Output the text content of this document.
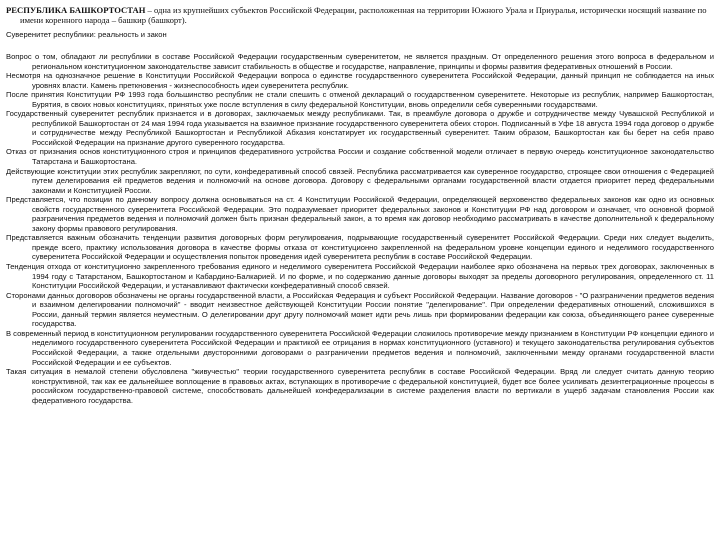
РЕСПУБЛИКА БАШКОРТОСТАН – одна из крупнейших субъектов Российской Федерации, расположенная на территории Южного Урала и Приуралья, исторически носящий название по имени коренного народа – башкир (башкорт).

Суверенитет республики: реальность и закон

Вопрос о том, обладают ли республики в составе Российской Федерации государственным суверенитетом, не является праздным. От определенного решения этого вопроса в федеральном и региональном конституционном законодательстве зависит стабильность в обществе и государстве, направление, принципы и формы развития федеративных отношений в России.

Несмотря на однозначное решение в Конституции Российской Федерации вопроса о единстве государственного суверенитета Российской Федерации, данный принцип не соблюдается на иных уровнях власти. Камень преткновения - жизнеспособность идеи суверенитета республик.

После принятия Конституции РФ 1993 года большинство республик не стали спешить с отменой деклараций о государственном суверенитете. Некоторые из республик, например Башкортостан, Бурятия, в своих новых конституциях, принятых уже после вступления в силу федеральной Конституции, вновь определили себя суверенными государствами.

Государственный суверенитет республик признается и в договорах, заключаемых между республиками. Так, в преамбуле договора о дружбе и сотрудничестве между Чувашской Республикой и республикой Башкортостан от 24 мая 1994 года указывается на взаимное признание государственного суверенитета обеих сторон. Подписанный в Уфе 18 августа 1994 года договор о дружбе и сотрудничестве между Республикой Башкортостан и Республикой Абхазия констатирует их государственный суверенитет. Таким образом, Башкортостан как бы берет на себя право Российской Федерации на признание другого суверенного государства.

Отказ от признания основ конституционного строя и принципов федеративного устройства России и создание собственной модели отличает в первую очередь конституционное законодательство Татарстана и Башкортостана.

Действующие конституции этих республик закрепляют, по сути, конфедеративный способ связей. Республика рассматривается как суверенное государство, строящее свои отношения с Федерацией путем делегирования ей предметов ведения и полномочий на основе договора. Договору с федеральными органами государственной власти отдается приоритет перед федеральными законами и Конституцией России.

Представляется, что позиции по данному вопросу должна основываться на ст. 4 Конституции Российской Федерации, определяющей верховенство федеральных законов как одно из основных свойств государственного суверенитета Российской Федерации. Это подразумевает приоритет федеральных законов и Конституции РФ над договором и означает, что основной формой разграничения предметов ведения и полномочий должен быть признан федеральный закон, а то время как договор необходимо рассматривать в качестве дополнительной к федеральному закону формы правового регулирования.

Представляется важным обозначить тенденции развития договорных форм регулирования, подрывающие государственный суверенитет Российской Федерации. Среди них следует выделить, прежде всего, практику использования договора в качестве формы отказа от конституционно закрепленной на федеральном уровне концепции единого и неделимого государственного суверенитета Российской Федерации и осуществления попыток проведения идей суверенитета республик в составе Российской Федерации.

Тенденция отхода от конституционно закрепленного требования единого и неделимого суверенитета Российской Федерации наиболее ярко обозначена на первых трех договорах, заключенных в 1994 году с Татарстаном, Башкортостаном и Кабардино-Балкарией. И по форме, и по содержанию данные договоры выходят за пределы договорного регулирования, определенного ст. 11 Конституции Российской Федерации, и устанавливают фактически конфедеративный способ связей.

Сторонами данных договоров обозначены не органы государственной власти, а Российская Федерация и субъект Российской Федерации. Название договоров - "О разграничении предметов ведения и взаимном делегировании полномочий" - вводит неизвестное действующей Конституции России понятие "делегирование". При определении федеративных отношений, сложившихся в России, данный термин является неуместным. О делегировании друг другу полномочий может идти речь лишь при формировании федерации как союза, объединяющего ранее суверенные государства.

В современный период в конституционном регулировании государственного суверенитета Российской Федерации сложилось противоречие между признанием в Конституции РФ концепции единого и неделимого государственного суверенитета Российской Федерации и практикой ее отрицания в нормах конституционного (уставного) и текущего законодательства регулирования субъектов Российской Федерации, а также отдельными двусторонними договорами о разграничении предметов ведения и полномочий, заключенными между органами государственной власти Российской Федерации и ее субъектов.

Такая ситуация в немалой степени обусловлена "живучестью" теории государственного суверенитета республик в составе Российской Федерации. Вряд ли следует считать данную теорию конструктивной, так как ее дальнейшее воплощение в правовых актах, вступающих в противоречие с федеральной конституцией, будет все более усиливать дезинтеграционные процессы в российском государственно-правовой системе, способствовать дальнейшей конфедерализации в системе разделения власти по вертикали в ущерб задачам становления России как федеративного государства.
